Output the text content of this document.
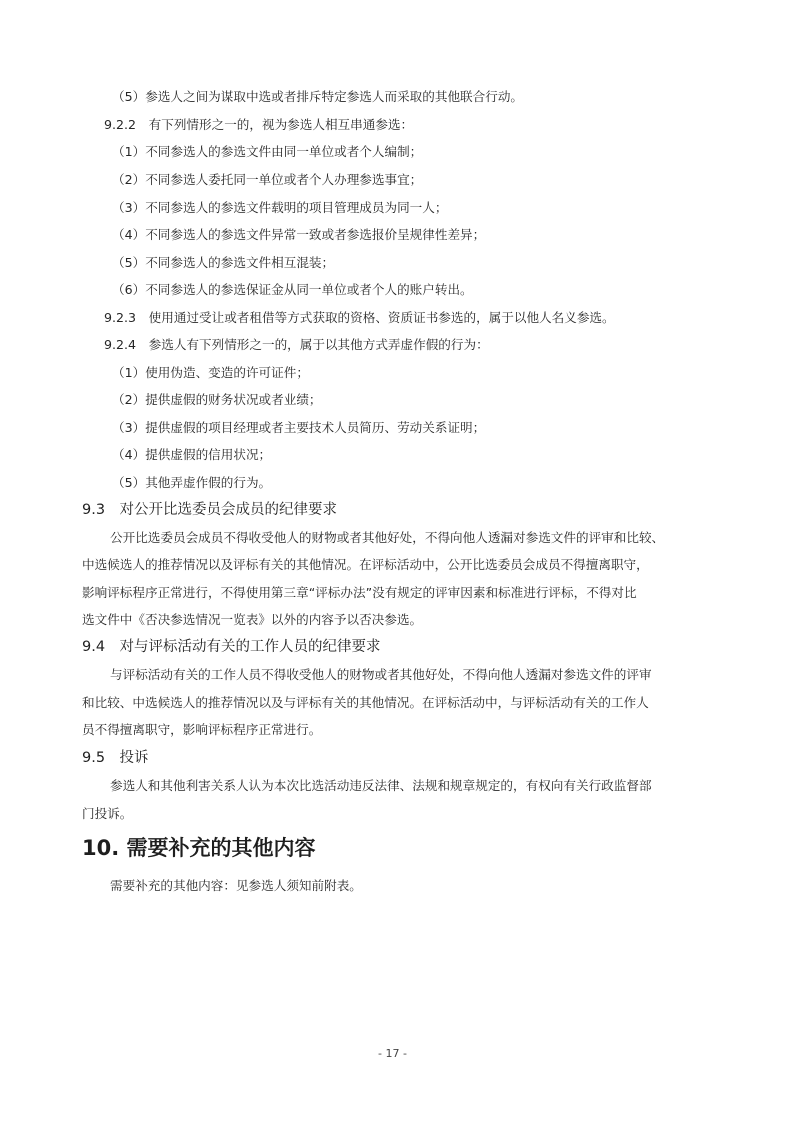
（5）参选人之间为谋取中选或者排斥特定参选人而采取的其他联合行动。
9.2.2　有下列情形之一的，视为参选人相互串通参选：
（1）不同参选人的参选文件由同一单位或者个人编制；
（2）不同参选人委托同一单位或者个人办理参选事宜；
（3）不同参选人的参选文件载明的项目管理成员为同一人；
（4）不同参选人的参选文件异常一致或者参选报价呈规律性差异；
（5）不同参选人的参选文件相互混装；
（6）不同参选人的参选保证金从同一单位或者个人的账户转出。
9.2.3　使用通过受让或者租借等方式获取的资格、资质证书参选的，属于以他人名义参选。
9.2.4　参选人有下列情形之一的，属于以其他方式弄虚作假的行为：
（1）使用伪造、变造的许可证件；
（2）提供虚假的财务状况或者业绩；
（3）提供虚假的项目经理或者主要技术人员简历、劳动关系证明；
（4）提供虚假的信用状况；
（5）其他弄虚作假的行为。
9.3　对公开比选委员会成员的纪律要求
公开比选委员会成员不得收受他人的财物或者其他好处，不得向他人透漏对参选文件的评审和比较、
中选候选人的推荐情况以及评标有关的其他情况。在评标活动中，公开比选委员会成员不得擅离职守，
影响评标程序正常进行，不得使用第三章“评标办法”没有规定的评审因素和标准进行评标，不得对比
选文件中《否决参选情况一览表》以外的内容予以否决参选。
9.4　对与评标活动有关的工作人员的纪律要求
与评标活动有关的工作人员不得收受他人的财物或者其他好处，不得向他人透漏对参选文件的评审
和比较、中选候选人的推荐情况以及与评标有关的其他情况。在评标活动中，与评标活动有关的工作人
员不得擅离职守，影响评标程序正常进行。
9.5　投诉
参选人和其他利害关系人认为本次比选活动违反法律、法规和规章规定的，有权向有关行政监督部
门投诉。
10. 需要补充的其他内容
需要补充的其他内容：见参选人须知前附表。
- 17 -
